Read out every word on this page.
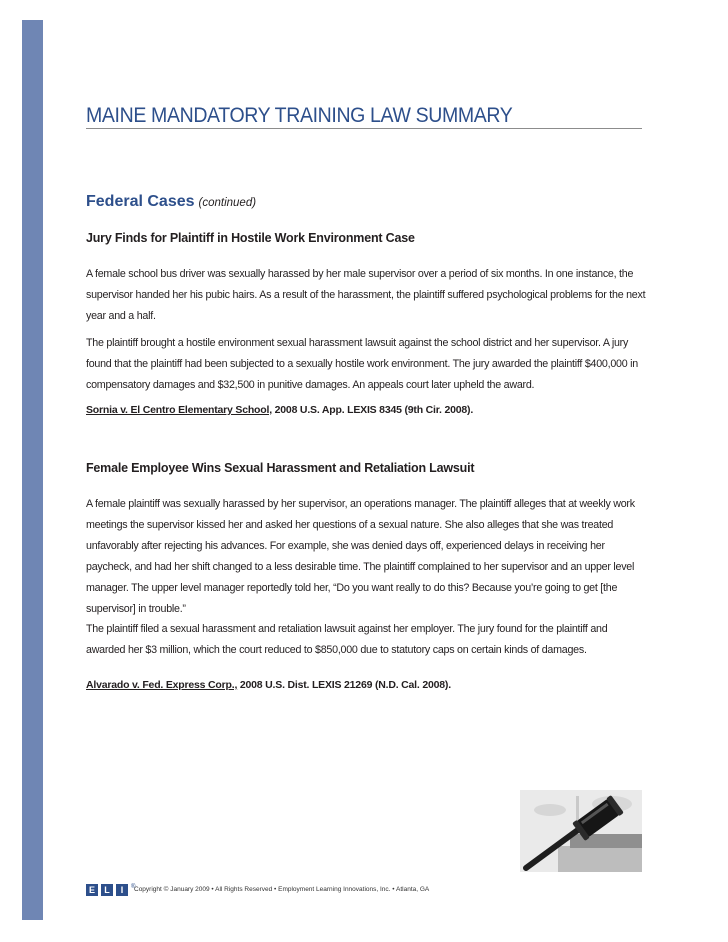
MAINE MANDATORY TRAINING LAW SUMMARY
Federal Cases (continued)
Jury Finds for Plaintiff in Hostile Work Environment Case

A female school bus driver was sexually harassed by her male supervisor over a period of six months. In one instance, the supervisor handed her his pubic hairs. As a result of the harassment, the plaintiff suffered psychological problems for the next year and a half.

The plaintiff brought a hostile environment sexual harassment lawsuit against the school district and her supervisor. A jury found that the plaintiff had been subjected to a sexually hostile work environment. The jury awarded the plaintiff $400,000 in compensatory damages and $32,500 in punitive damages. An appeals court later upheld the award.

Sornia v. El Centro Elementary School, 2008 U.S. App. LEXIS 8345 (9th Cir. 2008).

Female Employee Wins Sexual Harassment and Retaliation Lawsuit

A female plaintiff was sexually harassed by her supervisor, an operations manager. The plaintiff alleges that at weekly work meetings the supervisor kissed her and asked her questions of a sexual nature. She also alleges that she was treated unfavorably after rejecting his advances. For example, she was denied days off, experienced delays in receiving her paycheck, and had her shift changed to a less desirable time. The plaintiff complained to her supervisor and an upper level manager. The upper level manager reportedly told her, “Do you want really to do this? Because you’re going to get [the supervisor] in trouble.”

The plaintiff filed a sexual harassment and retaliation lawsuit against her employer. The jury found for the plaintiff and awarded her $3 million, which the court reduced to $850,000 due to statutory caps on certain kinds of damages.

Alvarado v. Fed. Express Corp., 2008 U.S. Dist. LEXIS 21269 (N.D. Cal. 2008).

E	L	I	®

Copyright © January 2009 • All Rights Reserved • Employment Learning Innovations, Inc. • Atlanta, GA
